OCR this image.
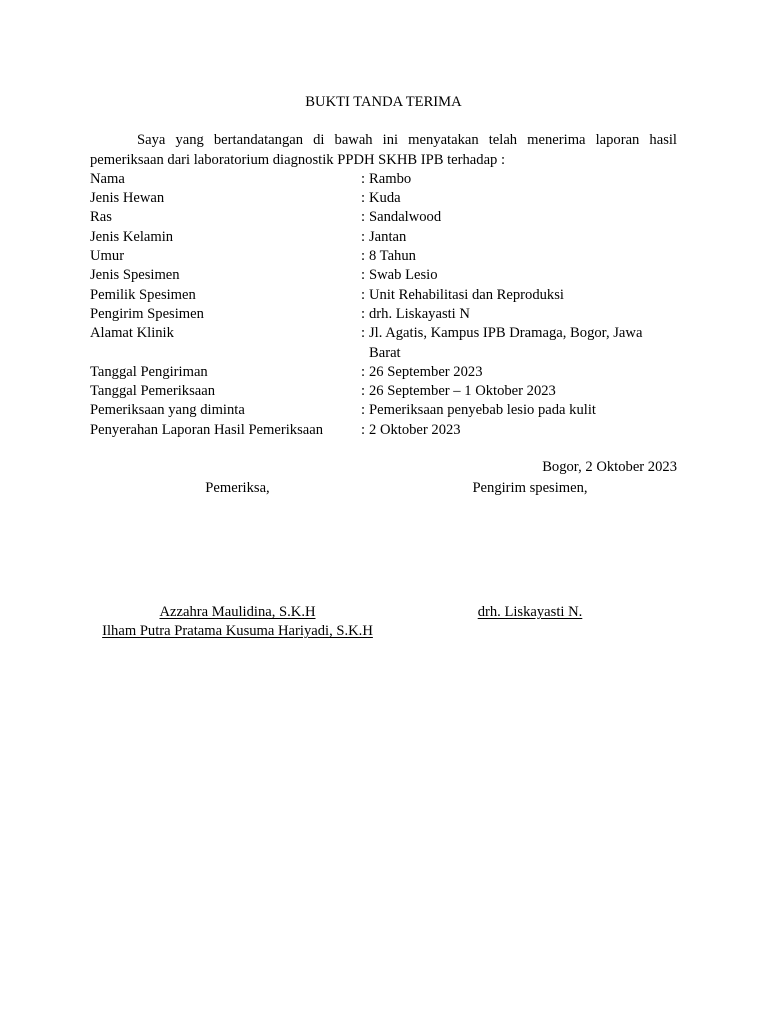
BUKTI TANDA TERIMA
Saya yang bertandatangan di bawah ini menyatakan telah menerima laporan hasil pemeriksaan dari laboratorium diagnostik PPDH SKHB IPB terhadap :
Nama	: Rambo
Jenis Hewan	: Kuda
Ras	: Sandalwood
Jenis Kelamin	: Jantan
Umur	: 8 Tahun
Jenis Spesimen	: Swab Lesio
Pemilik Spesimen	: Unit Rehabilitasi dan Reproduksi
Pengirim Spesimen	: drh. Liskayasti N
Alamat Klinik	: Jl. Agatis, Kampus IPB Dramaga, Bogor, Jawa Barat
Tanggal Pengiriman	: 26 September 2023
Tanggal Pemeriksaan	: 26 September – 1 Oktober 2023
Pemeriksaan yang diminta	: Pemeriksaan penyebab lesio pada kulit
Penyerahan Laporan Hasil Pemeriksaan	: 2 Oktober 2023
Bogor, 2 Oktober 2023
Pemeriksa,	Pengirim spesimen,
Azzahra Maulidina, S.K.H
Ilham Putra Pratama Kusuma Hariyadi, S.K.H
drh. Liskayasti N.
